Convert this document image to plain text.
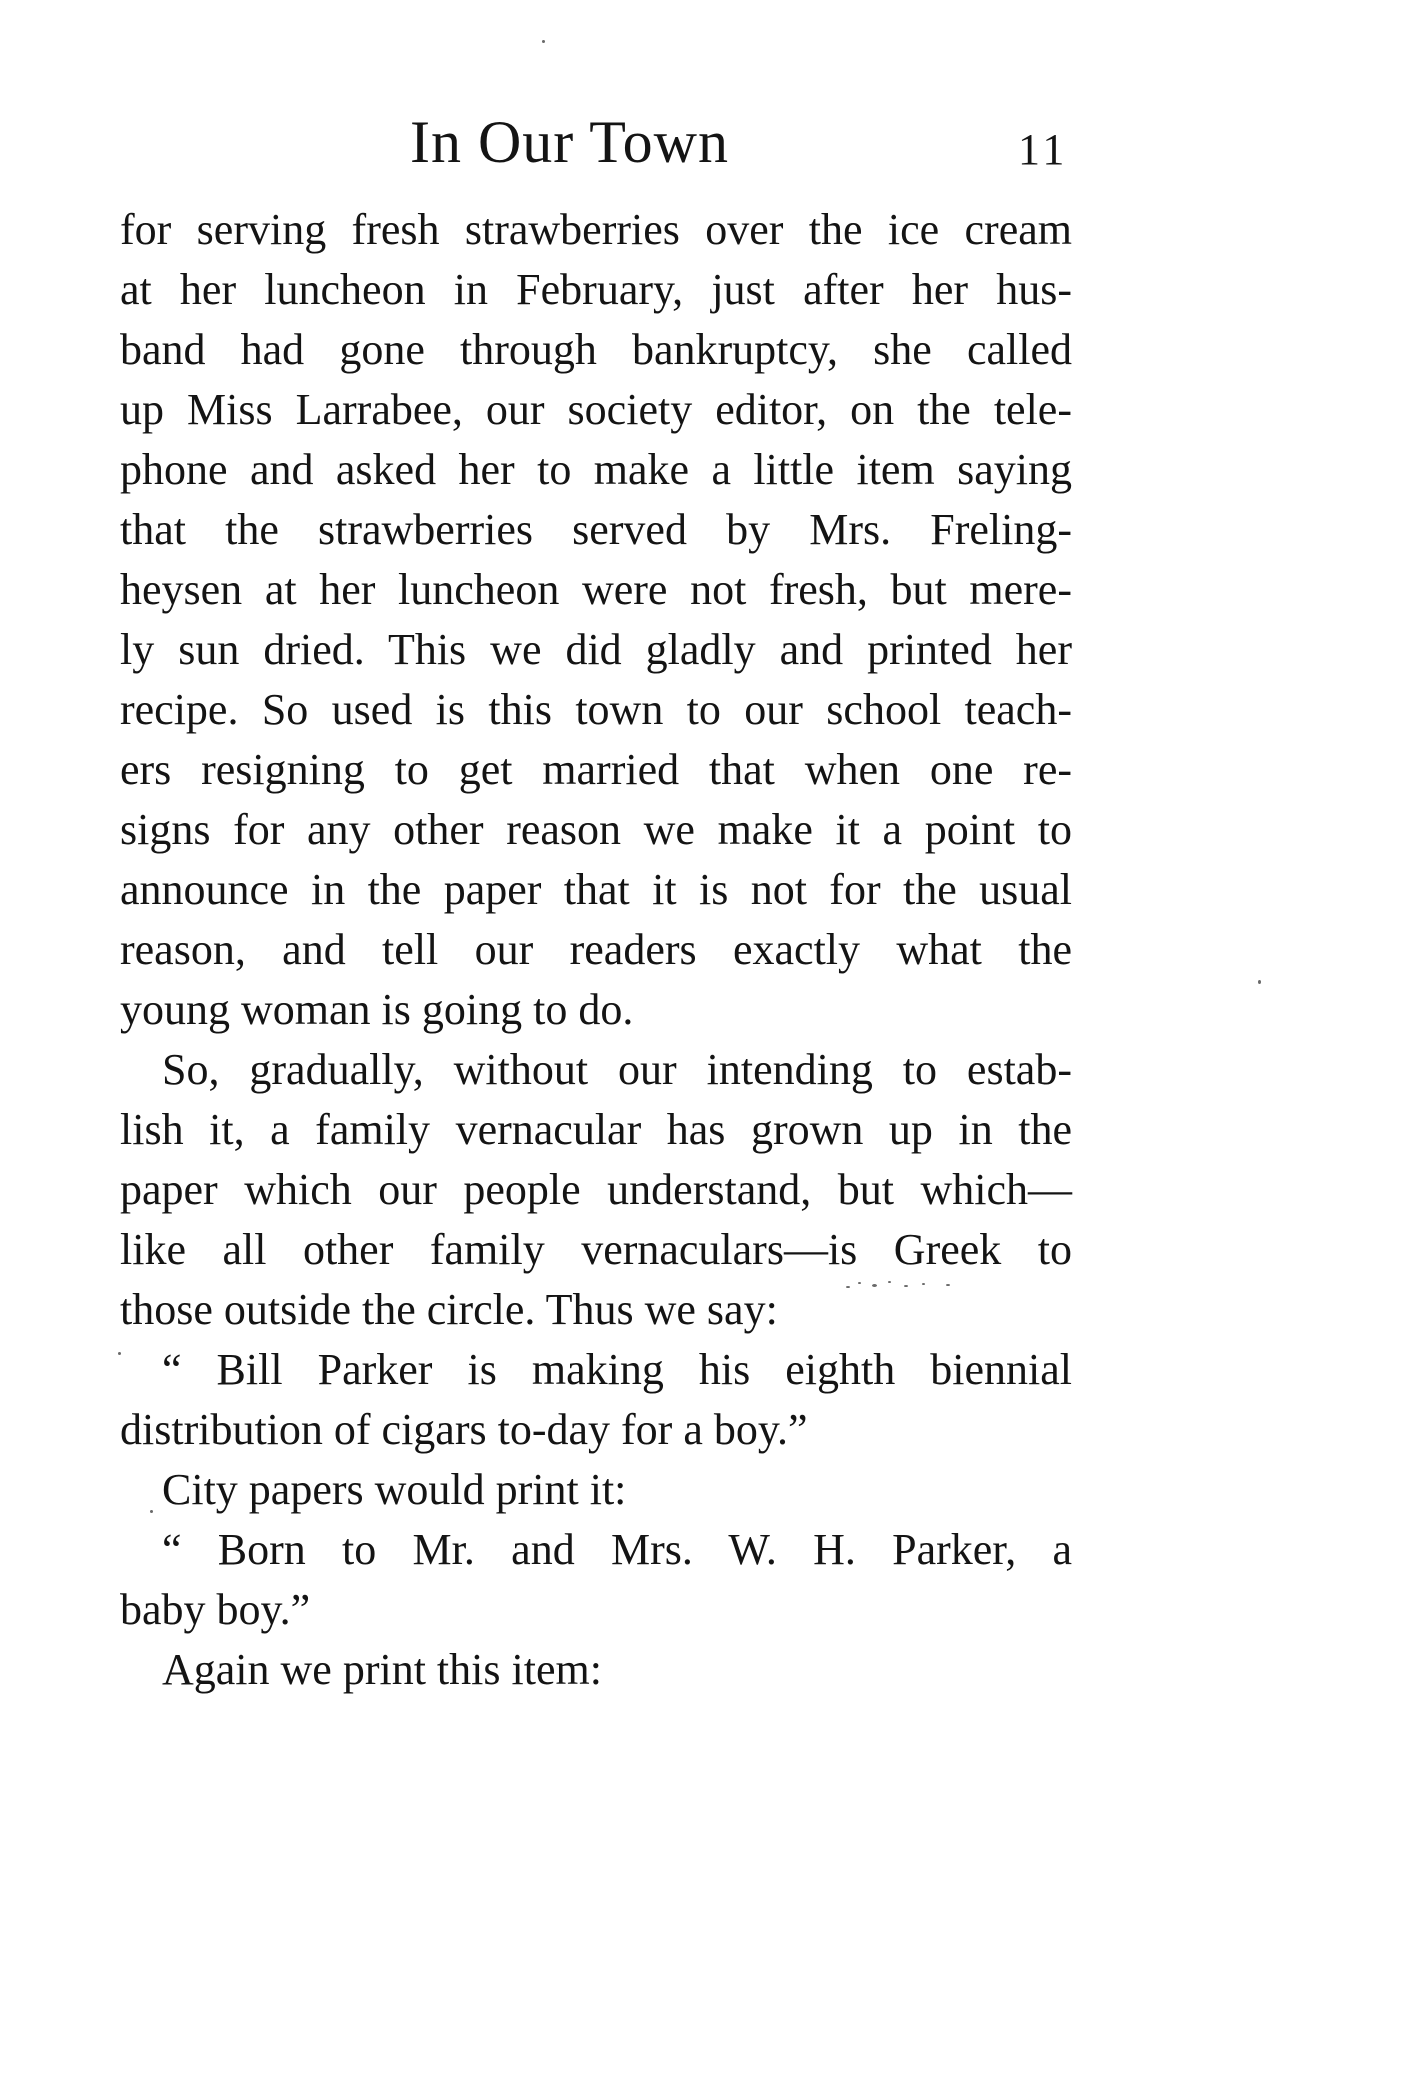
In Our Town	11
for serving fresh strawberries over the ice cream
at her luncheon in February, just after her hus-
band had gone through bankruptcy, she called
up Miss Larrabee, our society editor, on the tele-
phone and asked her to make a little item saying
that the strawberries served by Mrs. Freling-
heysen at her luncheon were not fresh, but mere-
ly sun dried. This we did gladly and printed her
recipe. So used is this town to our school teach-
ers resigning to get married that when one re-
signs for any other reason we make it a point to
announce in the paper that it is not for the usual
reason, and tell our readers exactly what the
young woman is going to do.
So, gradually, without our intending to estab-
lish it, a family vernacular has grown up in the
paper which our people understand, but which—
like all other family vernaculars—is Greek to
those outside the circle. Thus we say:
“ Bill Parker is making his eighth biennial
distribution of cigars to-day for a boy.”
City papers would print it:
“ Born to Mr. and Mrs. W. H. Parker, a
baby boy.”
Again we print this item:
